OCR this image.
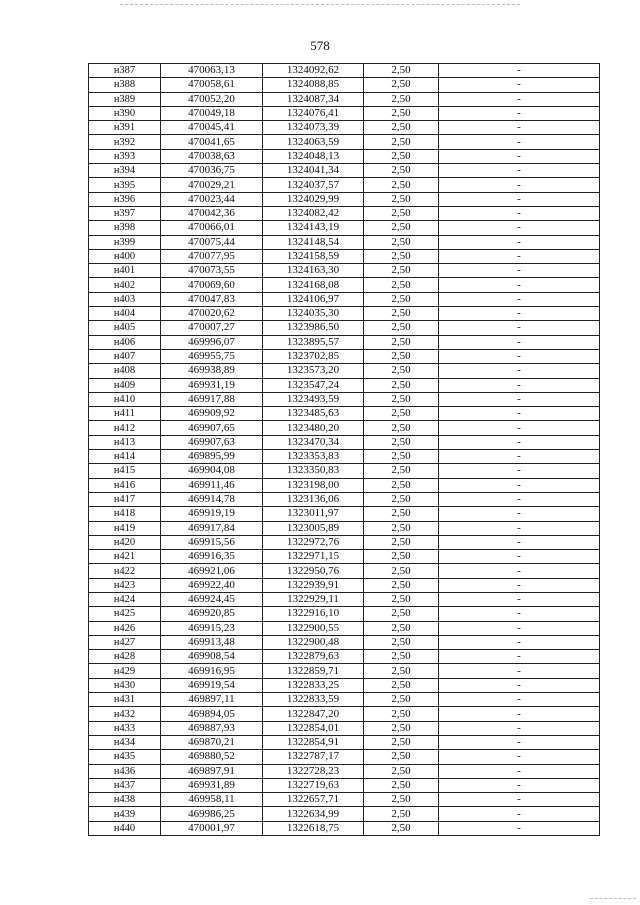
578
н387	470063,13	1324092,62	2,50	-
н388	470058,61	1324088,85	2,50	-
н389	470052,20	1324087,34	2,50	-
н390	470049,18	1324076,41	2,50	-
н391	470045,41	1324073,39	2,50	-
н392	470041,65	1324063,59	2,50	-
н393	470038,63	1324048,13	2,50	-
н394	470036,75	1324041,34	2,50	-
н395	470029,21	1324037,57	2,50	-
н396	470023,44	1324029,99	2,50	-
н397	470042,36	1324082,42	2,50	-
н398	470066,01	1324143,19	2,50	-
н399	470075,44	1324148,54	2,50	-
н400	470077,95	1324158,59	2,50	-
н401	470073,55	1324163,30	2,50	-
н402	470069,60	1324168,08	2,50	-
н403	470047,83	1324106,97	2,50	-
н404	470020,62	1324035,30	2,50	-
н405	470007,27	1323986,50	2,50	-
н406	469996,07	1323895,57	2,50	-
н407	469955,75	1323702,85	2,50	-
н408	469938,89	1323573,20	2,50	-
н409	469931,19	1323547,24	2,50	-
н410	469917,88	1323493,59	2,50	-
н411	469909,92	1323485,63	2,50	-
н412	469907,65	1323480,20	2,50	-
н413	469907,63	1323470,34	2,50	-
н414	469895,99	1323353,83	2,50	-
н415	469904,08	1323350,83	2,50	-
н416	469911,46	1323198,00	2,50	-
н417	469914,78	1323136,06	2,50	-
н418	469919,19	1323011,97	2,50	-
н419	469917,84	1323005,89	2,50	-
н420	469915,56	1322972,76	2,50	-
н421	469916,35	1322971,15	2,50	-
н422	469921,06	1322950,76	2,50	-
н423	469922,40	1322939,91	2,50	-
н424	469924,45	1322929,11	2,50	-
н425	469920,85	1322916,10	2,50	-
н426	469915,23	1322900,55	2,50	-
н427	469913,48	1322900,48	2,50	-
н428	469908,54	1322879,63	2,50	-
н429	469916,95	1322859,71	2,50	-
н430	469919,54	1322833,25	2,50	-
н431	469897,11	1322833,59	2,50	-
н432	469894,05	1322847,20	2,50	-
н433	469887,93	1322854,01	2,50	-
н434	469870,21	1322854,91	2,50	-
н435	469880,52	1322787,17	2,50	-
н436	469897,91	1322728,23	2,50	-
н437	469931,89	1322719,63	2,50	-
н438	469958,11	1322657,71	2,50	-
н439	469986,25	1322634,99	2,50	-
н440	470001,97	1322618,75	2,50	-
